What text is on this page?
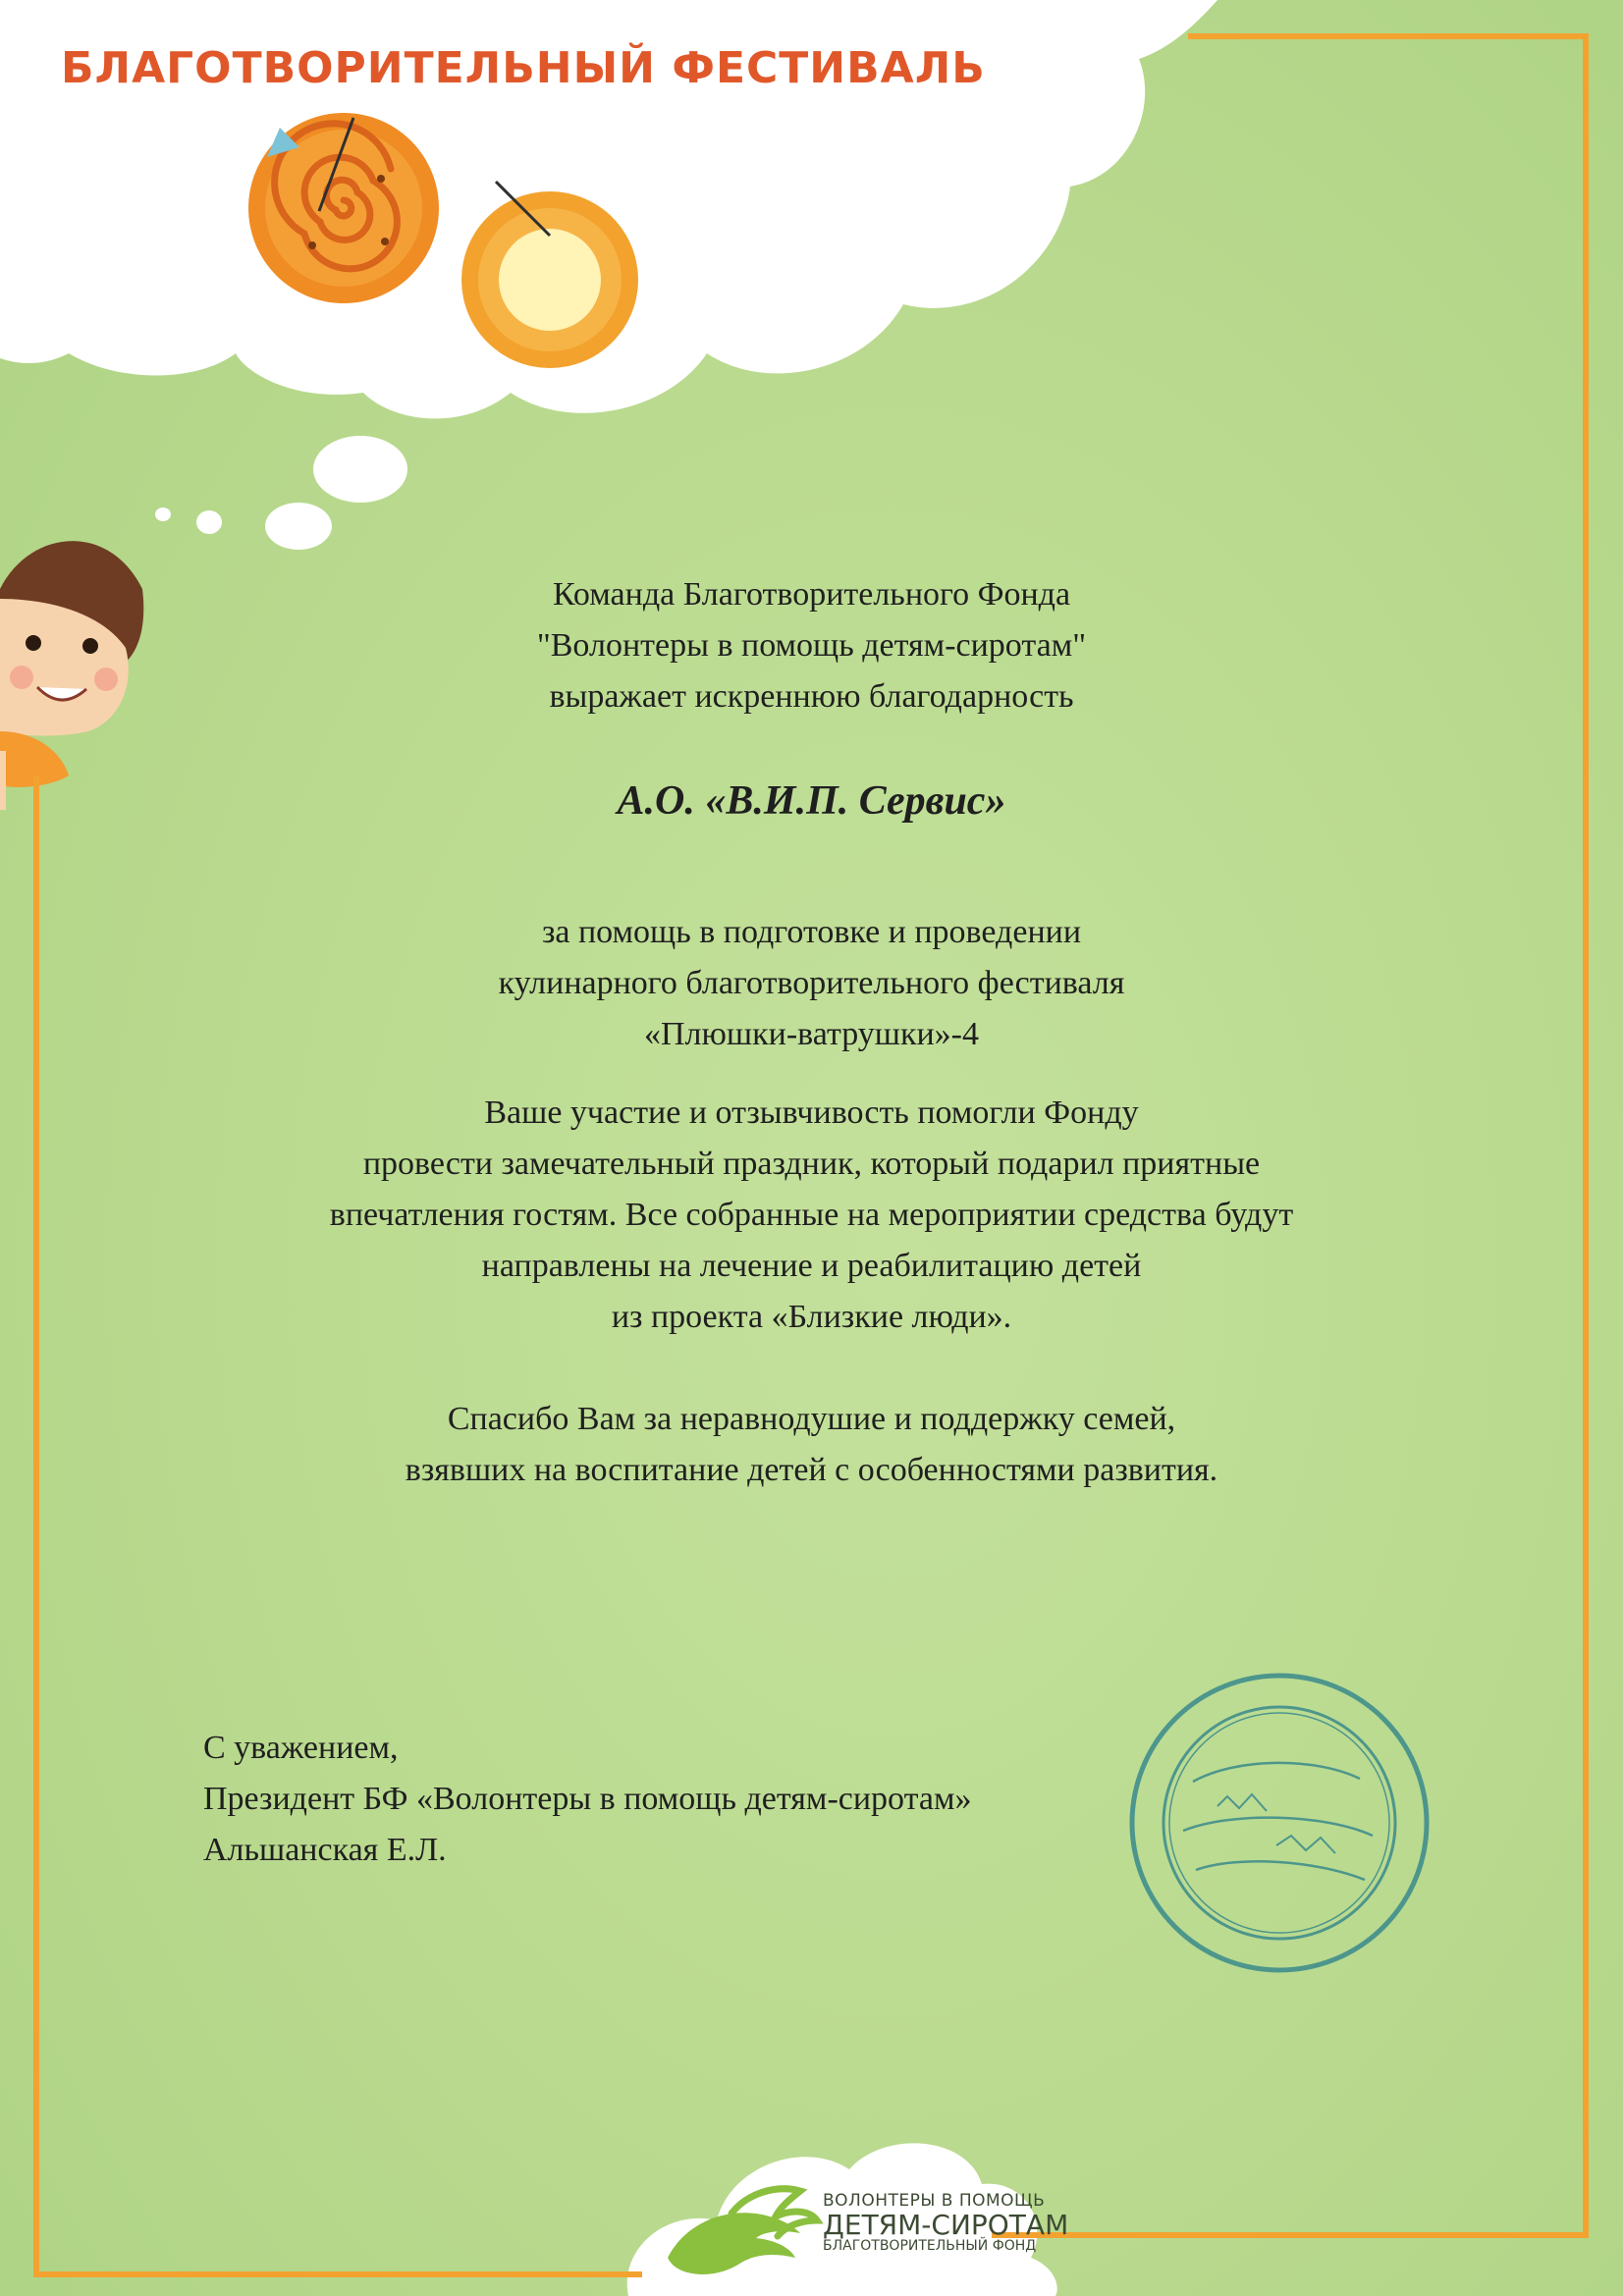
БЛАГОТВОРИТЕЛЬНЫЙ ФЕСТИВАЛЬ
Команда Благотворительного Фонда
"Волонтеры в помощь детям-сиротам"
выражает искреннюю благодарность
А.О. «В.И.П. Сервис»
за помощь в подготовке и проведении
кулинарного благотворительного фестиваля
«Плюшки-ватрушки»-4
Ваше участие и отзывчивость помогли Фонду
провести замечательный праздник, который подарил приятные
впечатления гостям. Все собранные на мероприятии средства будут
направлены на лечение и реабилитацию детей
из проекта «Близкие люди».
Спасибо Вам за неравнодушие и поддержку семей,
взявших на воспитание детей с особенностями развития.
С уважением,
Президент БФ «Волонтеры в помощь детям-сиротам»
Альшанская Е.Л.
ВОЛОНТЕРЫ В ПОМОЩЬ
ДЕТЯМ-СИРОТАМ
БЛАГОТВОРИТЕЛЬНЫЙ ФОНД
